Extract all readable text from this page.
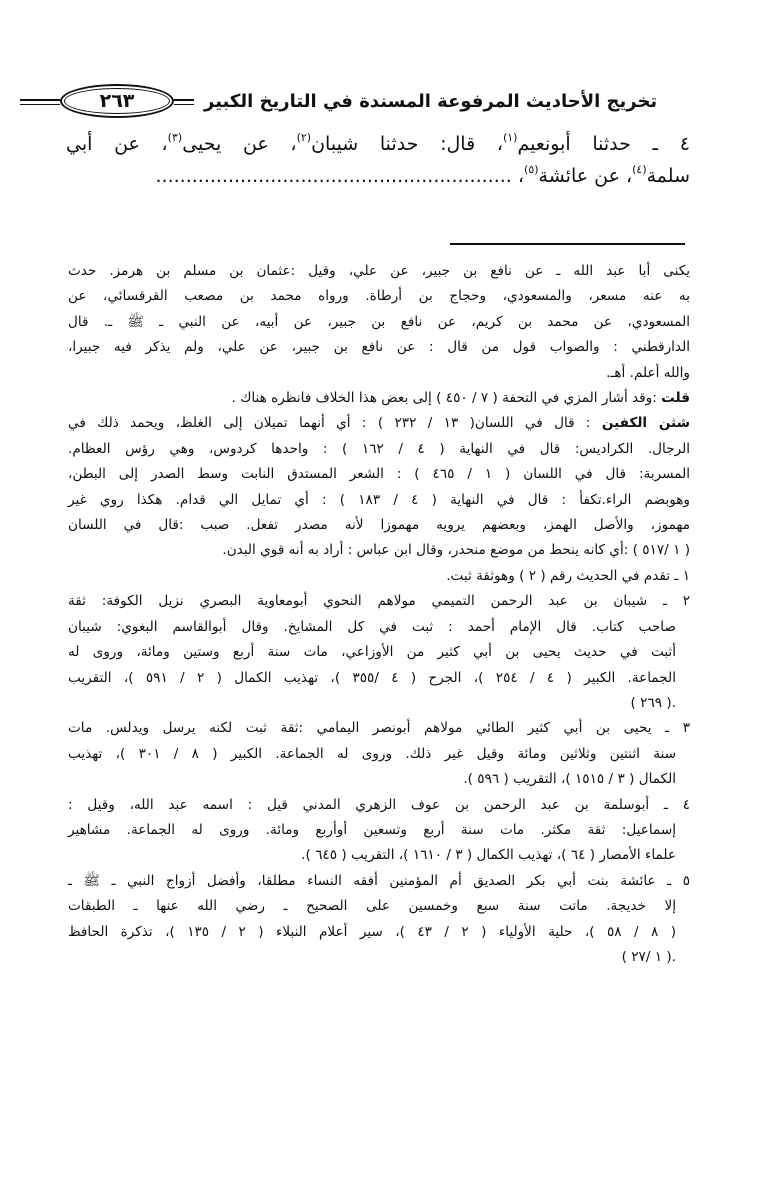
٢٦٣	تخريج الأحاديث المرفوعة المسندة في التاريخ الكبير
٤ ـ حدثنا أبونعيم$^{(١)}$، قال: حدثنا شيبان$^{(٢)}$، عن يحيى$^{(٣)}$، عن أبي
سلمة$^{(٤)}$، عن عائشة$^{(٥)}$، ...........................................................
يكنى أبا عبد الله ـ عن نافع بن جبير، عن علي، وقيل :عثمان بن مسلم بن هرمز. حدث
به عنه مسعر، والمسعودي، وحجاج بن أرطاة. ورواه محمد بن مصعب القرقسائي، عن
المسعودي، عن محمد بن كريم، عن نافع بن جبير، عن أبيه، عن النبي ـ ﷺ ـ. قال
الدارقطني : والصواب قول من قال : عن نافع بن جبير، عن علي، ولم يذكر فيه جبيرا،
والله أعلم. أهـ.
قلت :وقد أشار المزي في التحفة ( ٧ / ٤٥٠ ) إلى بعض هذا الخلاف فانظره هناك .
شثن الكفين : قال في اللسان( ١٣ / ٢٣٢ ) : أي أنهما تميلان إلى الغلظ، ويحمد ذلك في
الرجال. الكراديس: قال في النهاية ( ٤ / ١٦٢ ) : واحدها كردوس، وهي رؤس العظام.
المسربة: قال في اللسان ( ١ / ٤٦٥ ) : الشعر المستدق النابت وسط الصدر إلى البطن،
وهوبضم الراء.تكفأ : قال في النهاية ( ٤ / ١٨٣ ) : أي تمايل الي قدام. هكذا روي غير
مهموز، والأصل الهمز، وبعضهم يرويه مهموزا لأنه مصدر تفعل. صبب :قال في اللسان
( ١ /٥١٧ ) :أي كانه ينحط من موضع منحدر، وقال ابن عباس : أراد به أنه قوي البدن.
١ ـ تقدم في الحديث رقم ( ٢ ) وهوثقة ثبت.
٢ ـ شيبان بن عبد الرحمن التميمي مولاهم النحوي أبومعاوية البصري نزيل الكوفة: ثقة
صاحب كتاب. قال الإمام أحمد : ثبت في كل المشايخ. وقال أبوالقاسم البغوي: شيبان
أثبت في حديث يحيى بن أبي كثير من الأوزاعي، مات سنة أربع وستين ومائة، وروى له
الجماعة. الكبير ( ٤ / ٢٥٤ )، الجرح ( ٤ /٣٥٥ )، تهذيب الكمال ( ٢ / ٥٩١ )، التقريب
.( ٢٦٩ )
٣ ـ يحيى بن أبي كثير الطائي مولاهم أبونصر اليمامي :ثقة ثبت لكنه يرسل ويدلس. مات
سنة اثنتين وثلاثين ومائة وقيل غير ذلك. وروى له الجماعة. الكبير ( ٨ / ٣٠١ )، تهذيب
الكمال ( ٣ / ١٥١٥ )، التقريب ( ٥٩٦ ).
٤ ـ أبوسلمة بن عبد الرحمن بن عوف الزهري المدني قيل : اسمه عبد الله، وقيل :
إسماعيل: ثقة مكثر. مات سنة أربع وتسعين أوأربع ومائة. وروى له الجماعة. مشاهير
علماء الأمصار ( ٦٤ )، تهذيب الكمال ( ٣ / ١٦١٠ )، التقريب ( ٦٤٥ ).
٥ ـ عائشة بنت أبي بكر الصديق أم المؤمنين أفقه النساء مطلقا، وأفضل أزواج النبي ـ ﷺ ـ
إلا خديجة. ماتت سنة سبع وخمسين على الصحيح ـ رضي الله عنها ـ الطبقات
( ٨ / ٥٨ )، حلية الأولياء ( ٢ / ٤٣ )، سير أعلام النبلاء ( ٢ / ١٣٥ )، تذكرة الحافظ
.( ١ /٢٧ )
